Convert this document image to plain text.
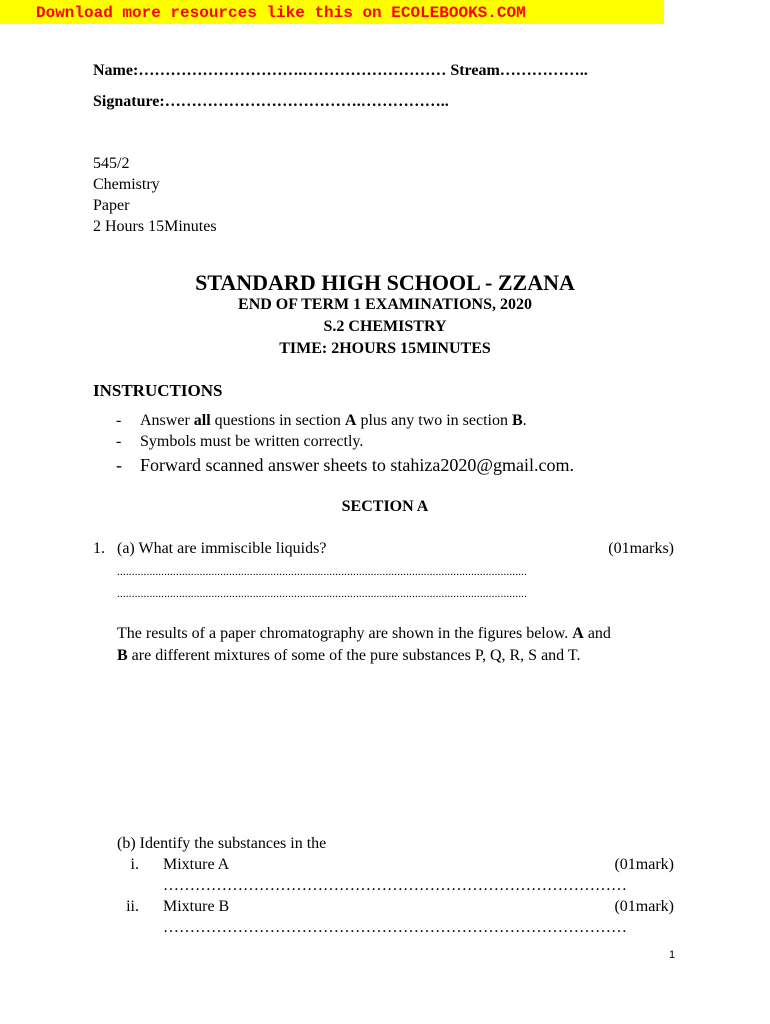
Download more resources like this on ECOLEBOOKS.COM
Name:………………………….……………………… Stream……………..
Signature:……………………………….……………..
545/2
Chemistry
Paper
2 Hours 15Minutes
STANDARD HIGH SCHOOL - ZZANA
END OF TERM 1 EXAMINATIONS, 2020
S.2 CHEMISTRY
TIME: 2HOURS 15MINUTES
INSTRUCTIONS
- Answer all questions in section A plus any two in section B.
- Symbols must be written correctly.
- Forward scanned answer sheets to stahiza2020@gmail.com.
SECTION A
1. (a) What are immiscible liquids?	(01marks)
...........................................................................................................................................
...........................................................................................................................................
The results of a paper chromatography are shown in the figures below. A and
B are different mixtures of some of the pure substances P, Q, R, S and T.
(b) Identify the substances in the
i. Mixture A	(01mark)
……………………………………………………………………………
ii. Mixture B	(01mark)
……………………………………………………………………………
1
